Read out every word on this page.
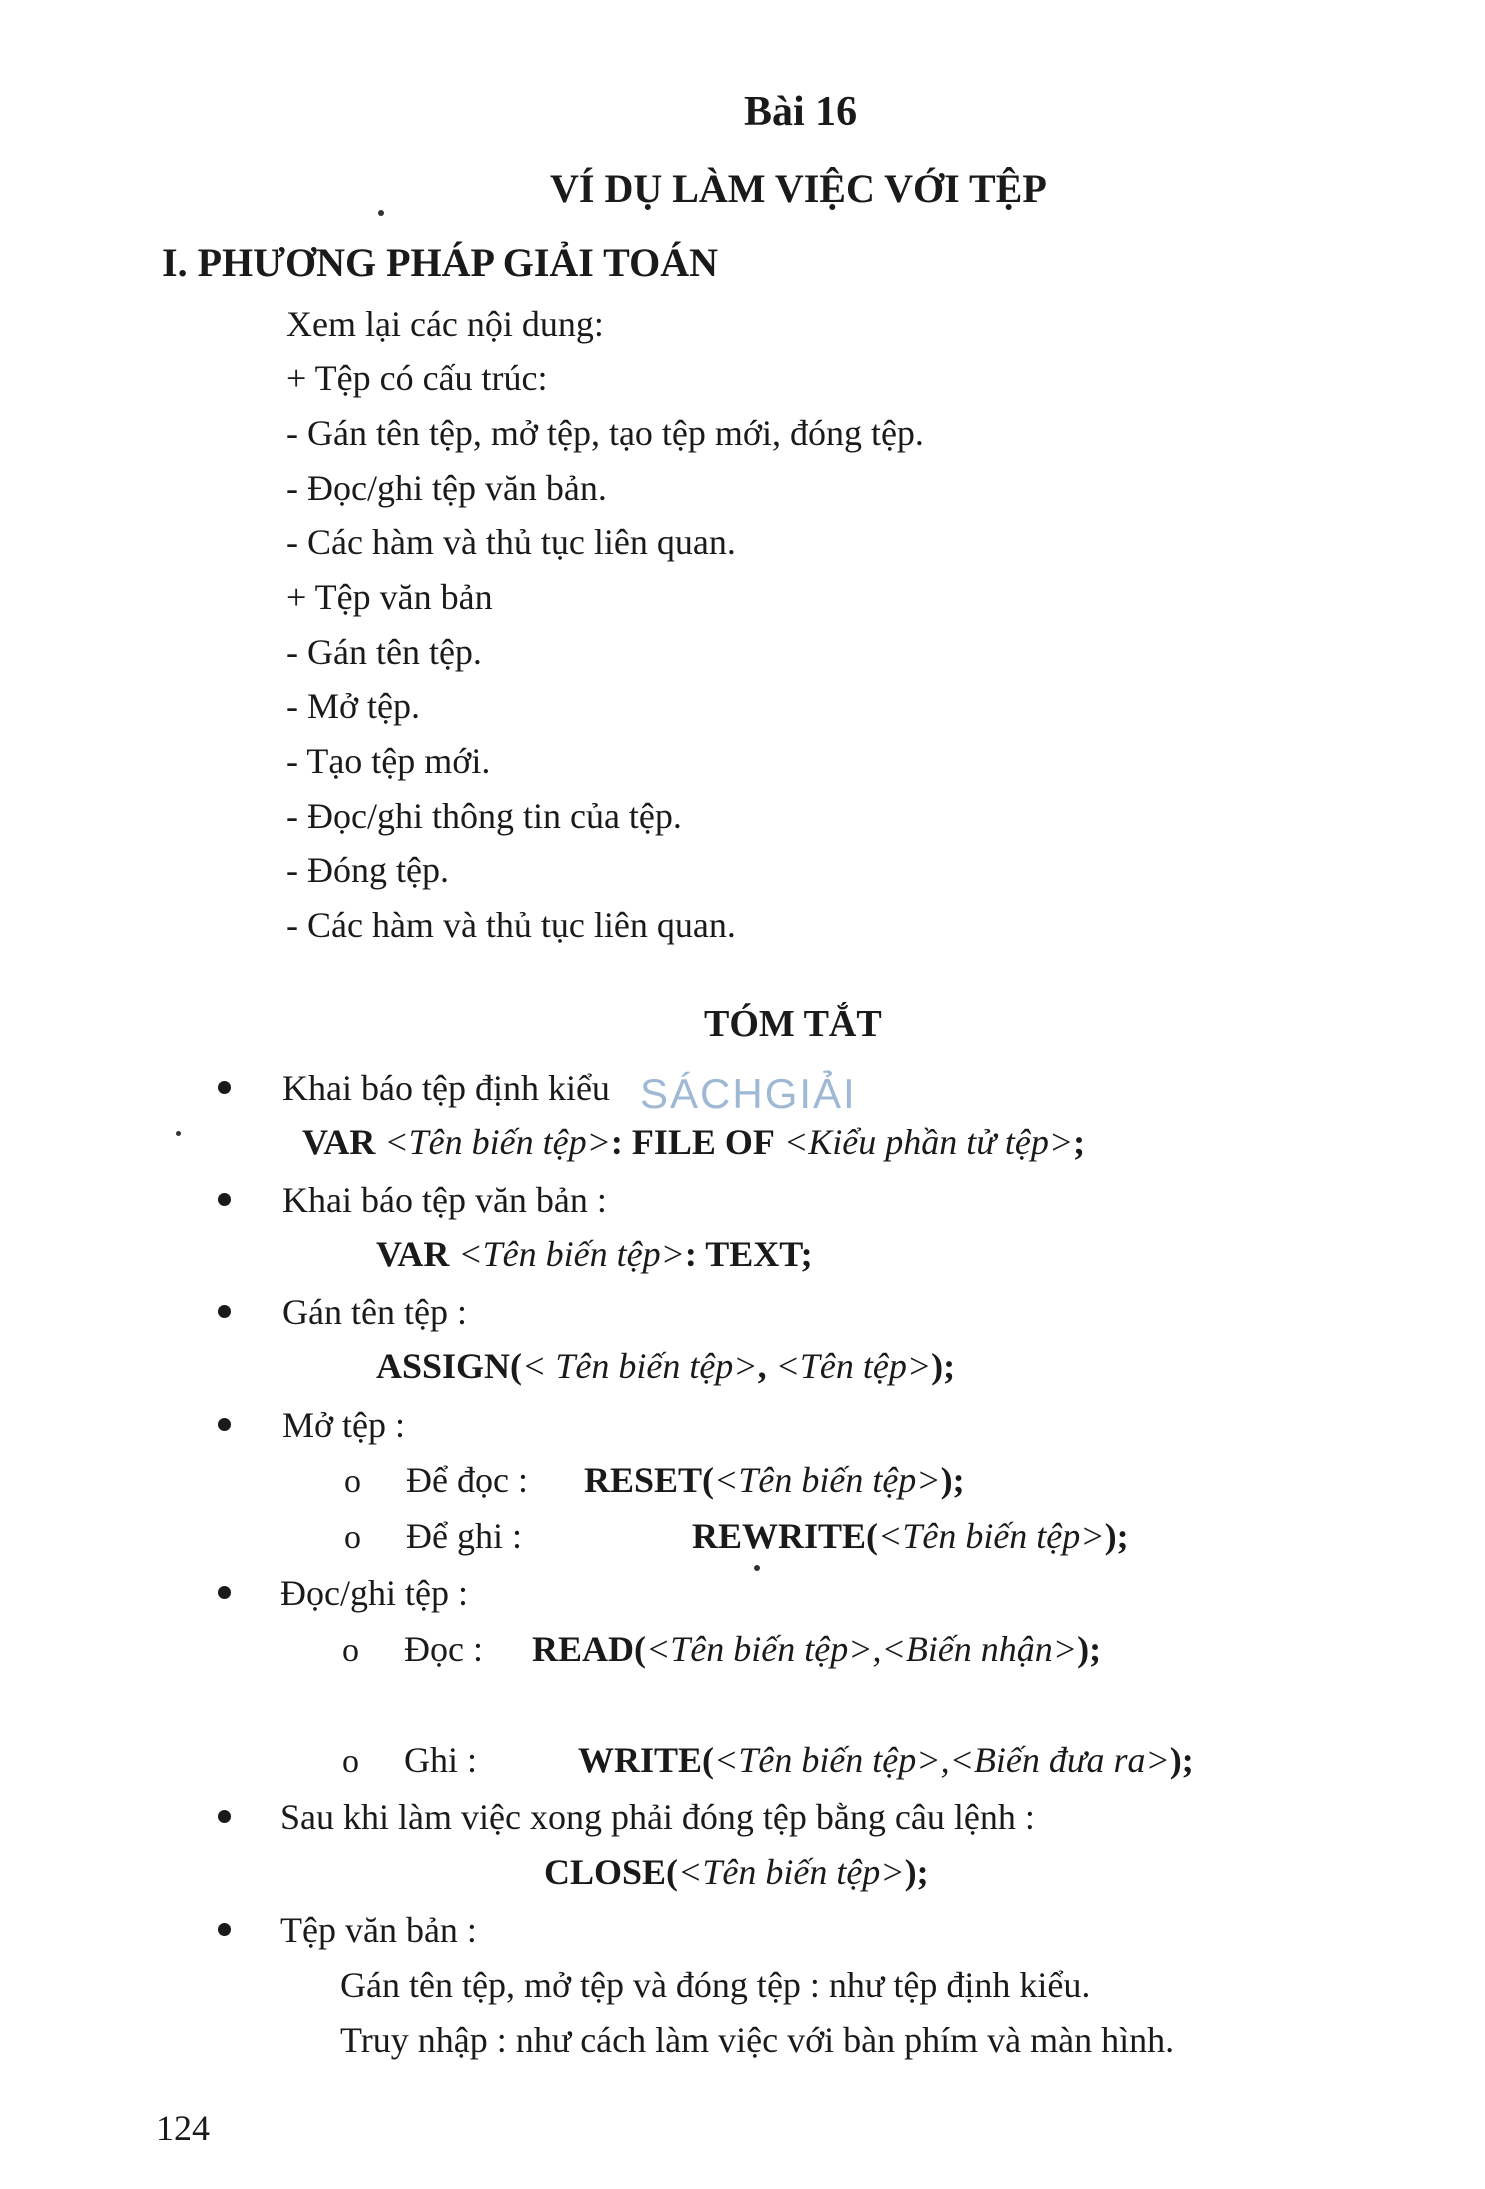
Bài 16
VÍ DỤ LÀM VIỆC VỚI TỆP
I. PHƯƠNG PHÁP GIẢI TOÁN
Xem lại các nội dung:
+ Tệp có cấu trúc:
- Gán tên tệp, mở tệp, tạo tệp mới, đóng tệp.
- Đọc/ghi tệp văn bản.
- Các hàm và thủ tục liên quan.
+ Tệp văn bản
- Gán tên tệp.
- Mở tệp.
- Tạo tệp mới.
- Đọc/ghi thông tin của tệp.
- Đóng tệp.
- Các hàm và thủ tục liên quan.
TÓM TẮT
Khai báo tệp định kiểu
VAR <Tên biến tệp>: FILE OF <Kiểu phần tử tệp>;
Khai báo tệp văn bản :
VAR <Tên biến tệp>: TEXT;
Gán tên tệp :
ASSIGN(< Tên biến tệp>, <Tên tệp>);
Mở tệp :
o Để đọc : RESET(<Tên biến tệp>);
o Để ghi :	REWRITE(<Tên biến tệp>);
Đọc/ghi tệp :
o Đọc : READ(<Tên biến tệp>,<Biến nhận>);
o Ghi :	WRITE(<Tên biến tệp>,<Biến đưa ra>);
Sau khi làm việc xong phải đóng tệp bằng câu lệnh :
CLOSE(<Tên biến tệp>);
Tệp văn bản :
Gán tên tệp, mở tệp và đóng tệp : như tệp định kiểu.
Truy nhập : như cách làm việc với bàn phím và màn hình.
SÁCHGIẢI
124
